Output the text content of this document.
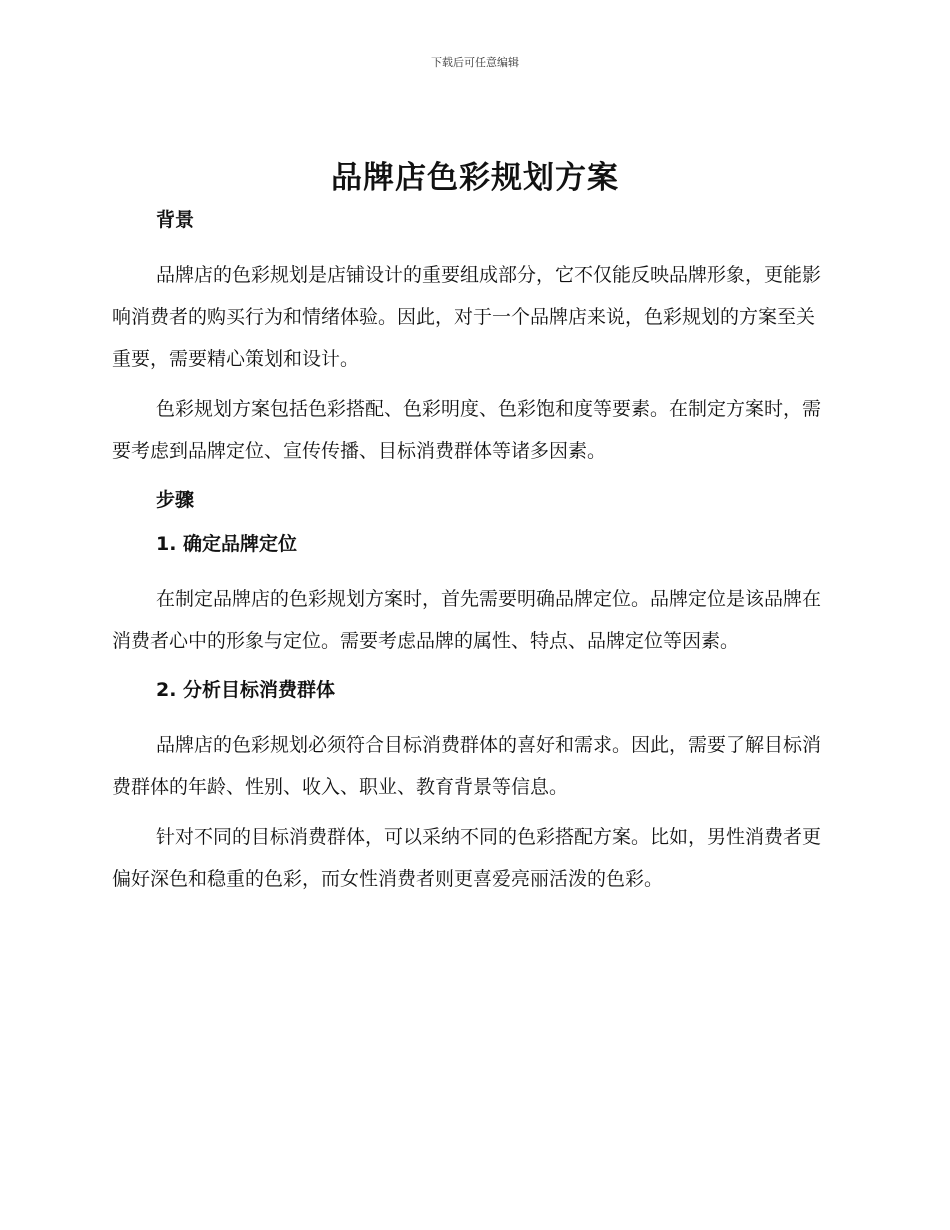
下载后可任意编辑
品牌店色彩规划方案

背景

品牌店的色彩规划是店铺设计的重要组成部分，它不仅能反映品牌形象，更能影响消费者的购买行为和情绪体验。因此，对于一个品牌店来说，色彩规划的方案至关重要，需要精心策划和设计。

色彩规划方案包括色彩搭配、色彩明度、色彩饱和度等要素。在制定方案时，需要考虑到品牌定位、宣传传播、目标消费群体等诸多因素。

步骤

1. 确定品牌定位

在制定品牌店的色彩规划方案时，首先需要明确品牌定位。品牌定位是该品牌在消费者心中的形象与定位。需要考虑品牌的属性、特点、品牌定位等因素。

2. 分析目标消费群体

品牌店的色彩规划必须符合目标消费群体的喜好和需求。因此，需要了解目标消费群体的年龄、性别、收入、职业、教育背景等信息。

针对不同的目标消费群体，可以采纳不同的色彩搭配方案。比如，男性消费者更偏好深色和稳重的色彩，而女性消费者则更喜爱亮丽活泼的色彩。
